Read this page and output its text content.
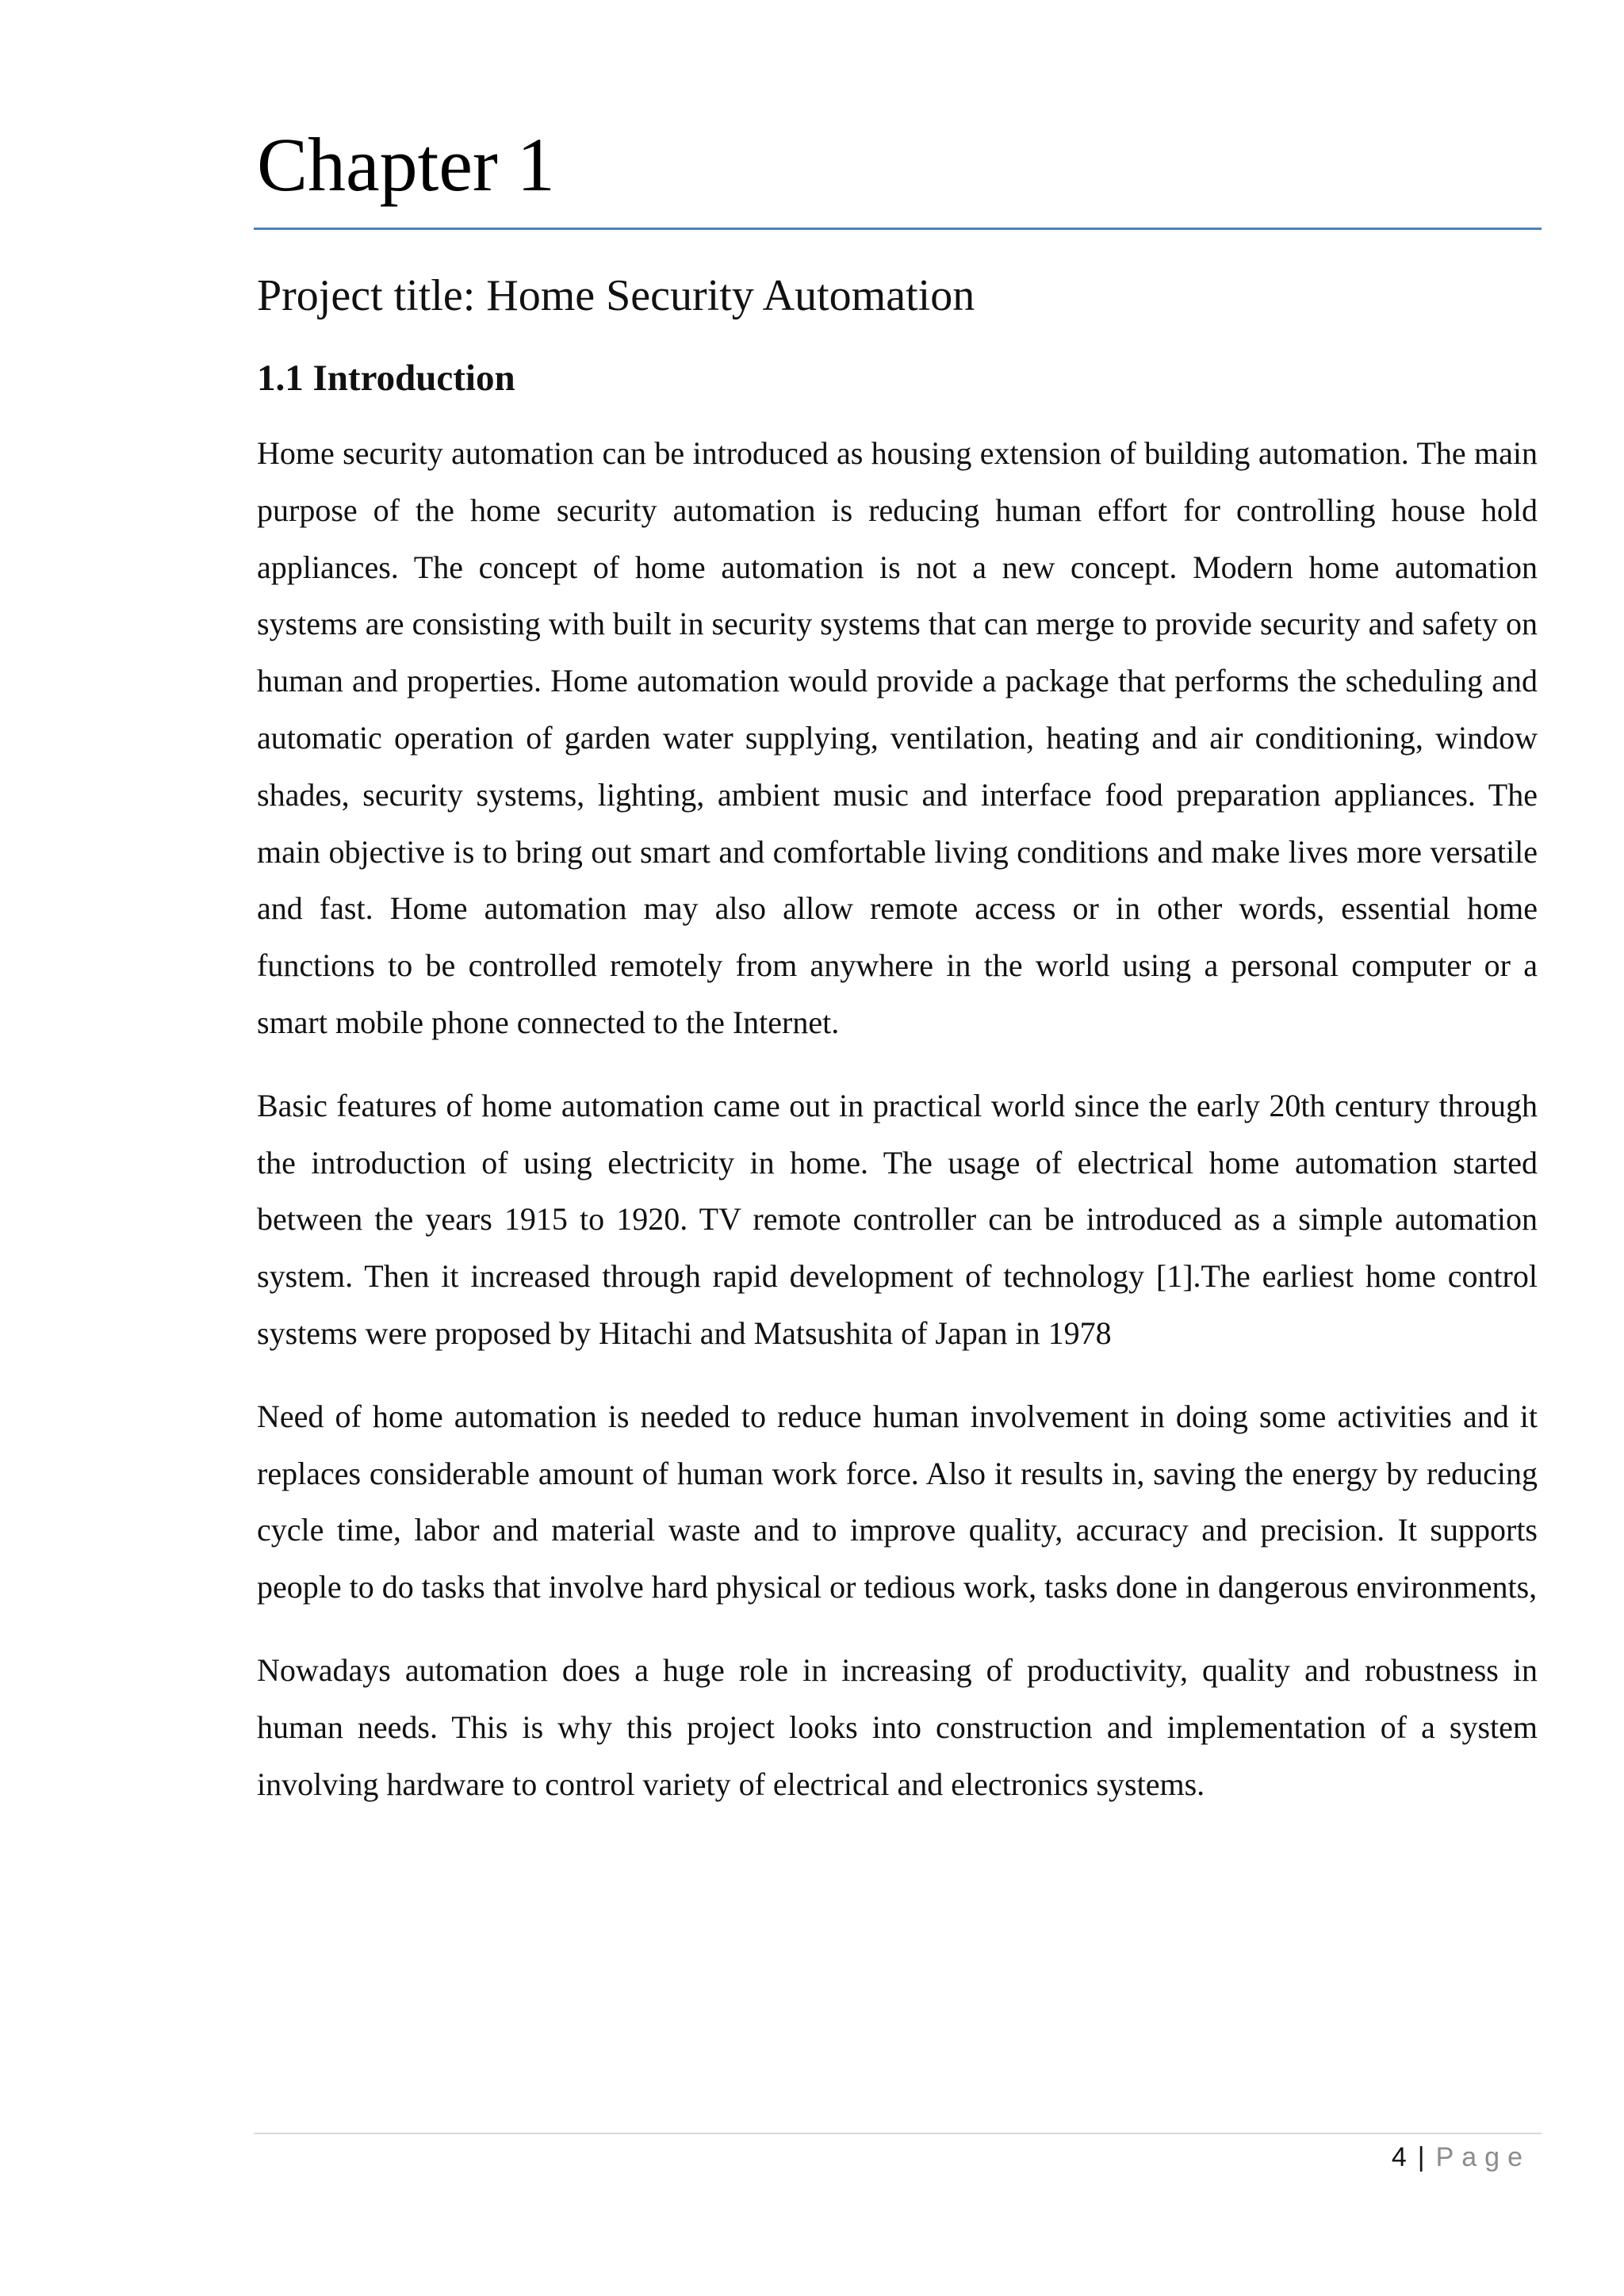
Chapter 1
Project title: Home Security Automation
1.1 Introduction

Home security automation can be introduced as housing extension of building automation. The main purpose of the home security automation is reducing human effort for controlling house hold appliances. The concept of home automation is not a new concept. Modern home automation systems are consisting with built in security systems that can merge to provide security and safety on human and properties. Home automation would provide a package that performs the scheduling and automatic operation of garden water supplying, ventilation, heating and air conditioning, window shades, security systems, lighting, ambient music and interface food preparation appliances. The main objective is to bring out smart and comfortable living conditions and make lives more versatile and fast. Home automation may also allow remote access or in other words, essential home functions to be controlled remotely from anywhere in the world using a personal computer or a smart mobile phone connected to the Internet.

Basic features of home automation came out in practical world since the early 20th century through the introduction of using electricity in home. The usage of electrical home automation started between the years 1915 to 1920. TV remote controller can be introduced as a simple automation system. Then it increased through rapid development of technology [1].The earliest home control systems were proposed by Hitachi and Matsushita of Japan in 1978

Need of home automation is needed to reduce human involvement in doing some activities and it replaces considerable amount of human work force. Also it results in, saving the energy by reducing cycle time, labor and material waste and to improve quality, accuracy and precision. It supports people to do tasks that involve hard physical or tedious work, tasks done in dangerous environments,

Nowadays automation does a huge role in increasing of productivity, quality and robustness in human needs. This is why this project looks into construction and implementation of a system involving hardware to control variety of electrical and electronics systems.

4 | Page
